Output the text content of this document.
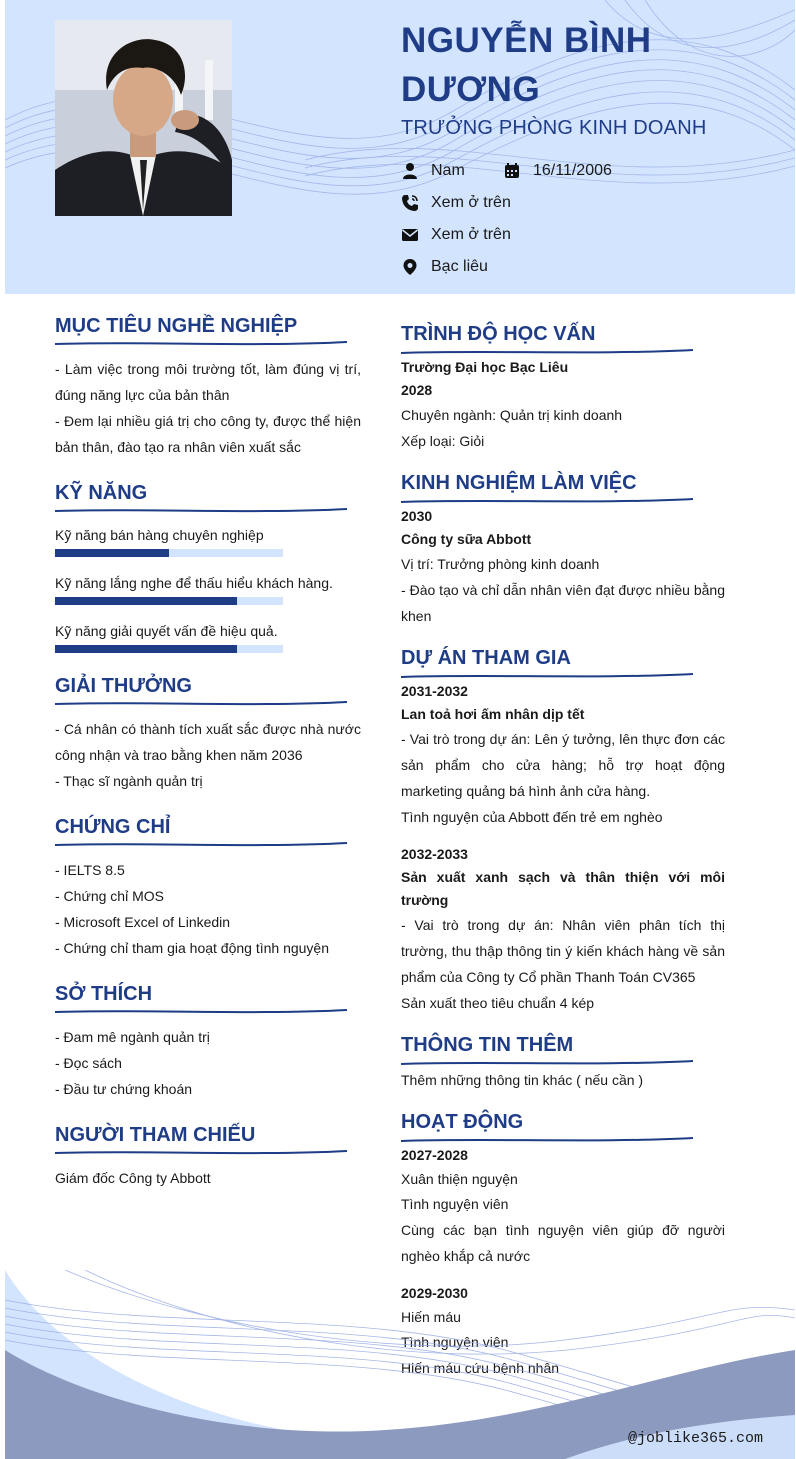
NGUYỄN BÌNH DƯƠNG
TRƯỞNG PHÒNG KINH DOANH
Nam	16/11/2006
Xem ở trên
Xem ở trên
Bạc liêu
MỤC TIÊU NGHỀ NGHIỆP
- Làm việc trong môi trường tốt, làm đúng vị trí, đúng năng lực của bản thân
- Đem lại nhiều giá trị cho công ty, được thể hiện bản thân, đào tạo ra nhân viên xuất sắc
KỸ NĂNG
Kỹ năng bán hàng chuyên nghiệp
Kỹ năng lắng nghe để thấu hiểu khách hàng.
Kỹ năng giải quyết vấn đề hiệu quả.
GIẢI THƯỞNG
- Cá nhân có thành tích xuất sắc được nhà nước công nhận và trao bằng khen năm 2036
- Thạc sĩ ngành quản trị
CHỨNG CHỈ
- IELTS 8.5
- Chứng chỉ MOS
- Microsoft Excel of Linkedin
- Chứng chỉ tham gia hoạt động tình nguyện
SỞ THÍCH
- Đam mê ngành quản trị
- Đọc sách
- Đầu tư chứng khoán
NGƯỜI THAM CHIẾU
Giám đốc Công ty Abbott
TRÌNH ĐỘ HỌC VẤN
Trường Đại học Bạc Liêu
2028
Chuyên ngành: Quản trị kinh doanh
Xếp loại: Giỏi
KINH NGHIỆM LÀM VIỆC
2030
Công ty sữa Abbott
Vị trí: Trưởng phòng kinh doanh
- Đào tạo và chỉ dẫn nhân viên đạt được nhiều bằng khen
DỰ ÁN THAM GIA
2031-2032
Lan toả hơi ấm nhân dịp tết
- Vai trò trong dự án: Lên ý tưởng, lên thực đơn các sản phẩm cho cửa hàng; hỗ trợ hoạt động marketing quảng bá hình ảnh cửa hàng.
Tình nguyện của Abbott đến trẻ em nghèo
2032-2033
Sản xuất xanh sạch và thân thiện với môi trường
- Vai trò trong dự án: Nhân viên phân tích thị trường, thu thập thông tin ý kiến khách hàng về sản phẩm của Công ty Cổ phần Thanh Toán CV365
Sản xuất theo tiêu chuẩn 4 kép
THÔNG TIN THÊM
Thêm những thông tin khác ( nếu cần )
HOẠT ĐỘNG
2027-2028
Xuân thiện nguyện
Tình nguyện viên
Cùng các bạn tình nguyện viên giúp đỡ người nghèo khắp cả nước
2029-2030
Hiến máu
Tình nguyện viên
Hiến máu cứu bệnh nhân
@joblike365.com
